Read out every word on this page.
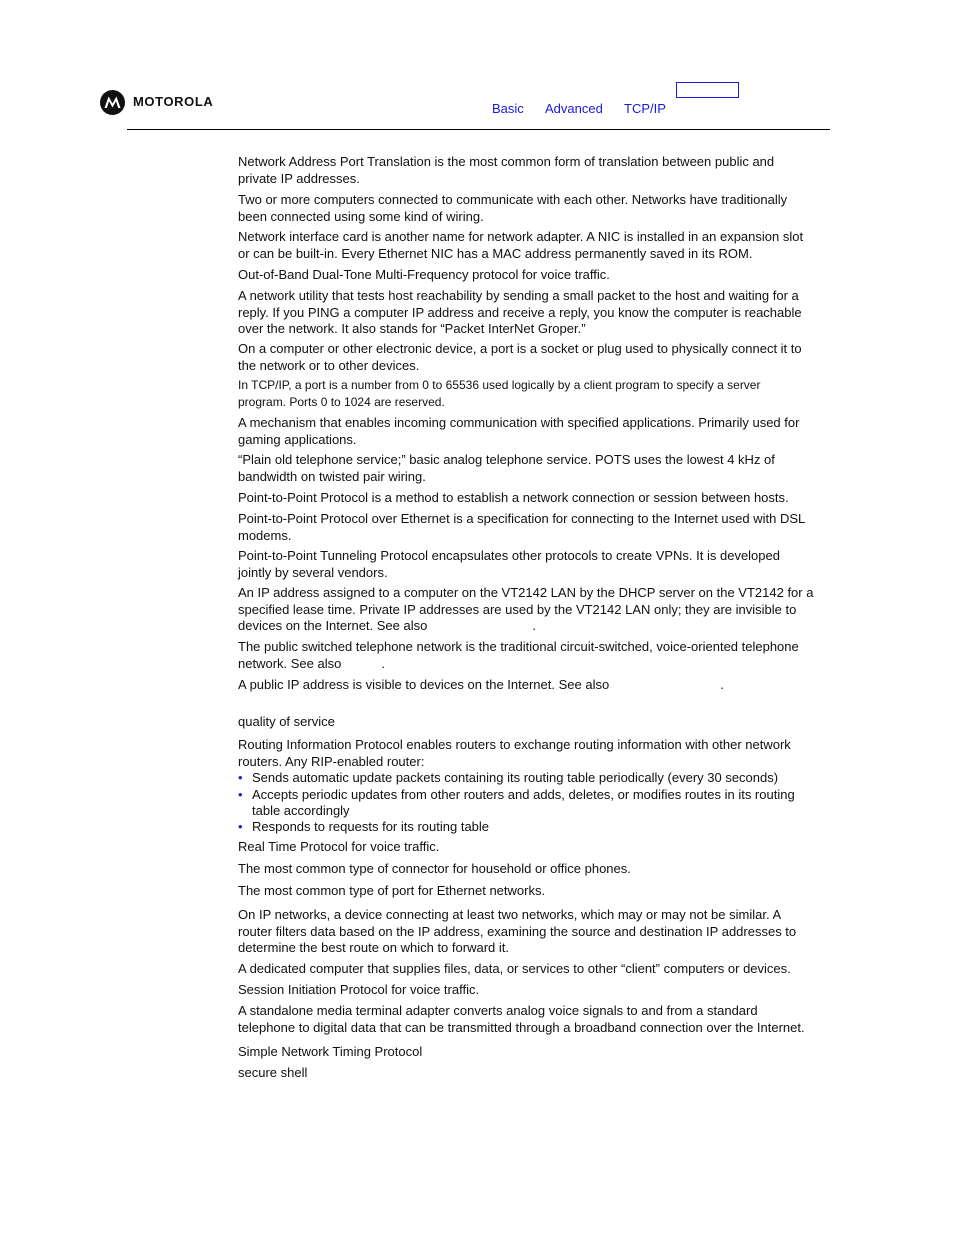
MOTOROLA	Basic Advanced TCP/IP
Network Address Port Translation is the most common form of translation between public and
private IP addresses.
Two or more computers connected to communicate with each other. Networks have traditionally
been connected using some kind of wiring.
Network interface card is another name for network adapter. A NIC is installed in an expansion slot
or can be built-in. Every Ethernet NIC has a MAC address permanently saved in its ROM.
Out-of-Band Dual-Tone Multi-Frequency protocol for voice traffic.
A network utility that tests host reachability by sending a small packet to the host and waiting for a
reply. If you PING a computer IP address and receive a reply, you know the computer is reachable
over the network. It also stands for “Packet InterNet Groper.”
On a computer or other electronic device, a port is a socket or plug used to physically connect it to
the network or to other devices.
In TCP/IP, a port is a number from 0 to 65536 used logically by a client program to specify a server
program. Ports 0 to 1024 are reserved.
A mechanism that enables incoming communication with specified applications. Primarily used for
gaming applications.
“Plain old telephone service;” basic analog telephone service. POTS uses the lowest 4 kHz of
bandwidth on twisted pair wiring.
Point-to-Point Protocol is a method to establish a network connection or session between hosts.
Point-to-Point Protocol over Ethernet is a specification for connecting to the Internet used with DSL
modems.
Point-to-Point Tunneling Protocol encapsulates other protocols to create VPNs. It is developed
jointly by several vendors.
An IP address assigned to a computer on the VT2142 LAN by the DHCP server on the VT2142 for a
specified lease time. Private IP addresses are used by the VT2142 LAN only; they are invisible to
devices on the Internet. See also	.
The public switched telephone network is the traditional circuit-switched, voice-oriented telephone
network. See also	.
A public IP address is visible to devices on the Internet. See also	.
quality of service
Routing Information Protocol enables routers to exchange routing information with other network
routers. Any RIP-enabled router:
• Sends automatic update packets containing its routing table periodically (every 30 seconds)
• Accepts periodic updates from other routers and adds, deletes, or modifies routes in its routing
table accordingly
• Responds to requests for its routing table
Real Time Protocol for voice traffic.
The most common type of connector for household or office phones.
The most common type of port for Ethernet networks.
On IP networks, a device connecting at least two networks, which may or may not be similar. A
router filters data based on the IP address, examining the source and destination IP addresses to
determine the best route on which to forward it.
A dedicated computer that supplies files, data, or services to other “client” computers or devices.
Session Initiation Protocol for voice traffic.
A standalone media terminal adapter converts analog voice signals to and from a standard
telephone to digital data that can be transmitted through a broadband connection over the Internet.
Simple Network Timing Protocol
secure shell
